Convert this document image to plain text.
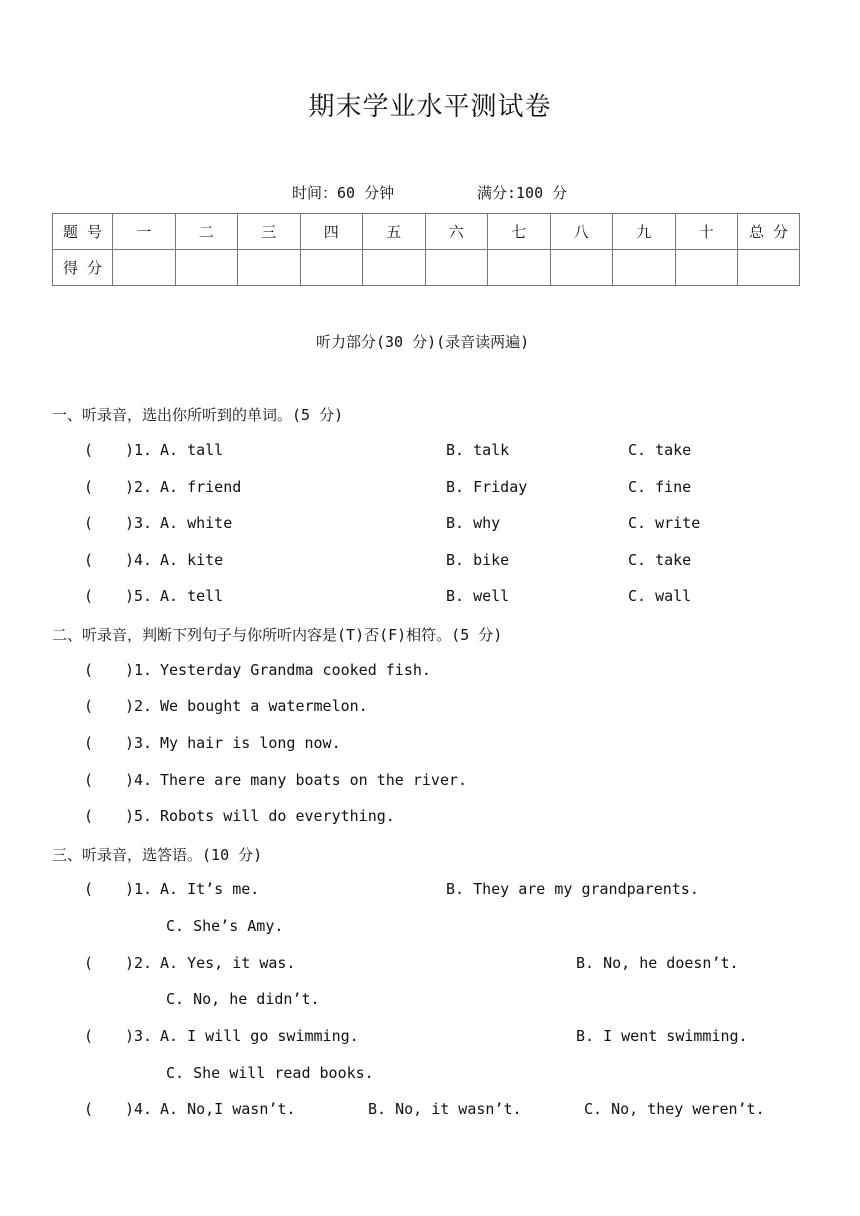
期末学业水平测试卷
时间：60 分钟	满分:100 分
题 号	一	二	三	四	五	六	七	八	九	十	总 分
得 分											
听力部分(30 分)(录音读两遍)
一、听录音，选出你所听到的单词。(5 分)
( )1. A. tall	B. talk	C. take
( )2. A. friend	B. Friday	C. fine
( )3. A. white	B. why	C. write
( )4. A. kite	B. bike	C. take
( )5. A. tell	B. well	C. wall
二、听录音，判断下列句子与你所听内容是(T)否(F)相符。(5 分)
( )1. Yesterday Grandma cooked fish.
( )2. We bought a watermelon.
( )3. My hair is long now.
( )4. There are many boats on the river.
( )5. Robots will do everything.
三、听录音，选答语。(10 分)
( )1. A. It’s me.	B. They are my grandparents.
C. She’s Amy.
( )2. A. Yes, it was.	B. No, he doesn’t.
C. No, he didn’t.
( )3. A. I will go swimming.	B. I went swimming.
C. She will read books.
( )4. A. No,I wasn’t.	B. No, it wasn’t.	C. No, they weren’t.
